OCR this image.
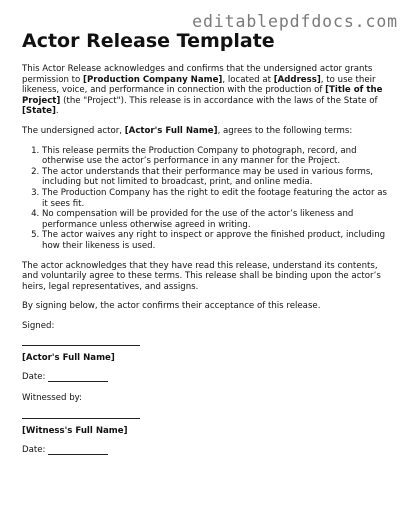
editablepdfdocs.com
Actor Release Template

This Actor Release acknowledges and confirms that the undersigned actor grants permission to [Production Company Name], located at [Address], to use their likeness, voice, and performance in connection with the production of [Title of the Project] (the "Project"). This release is in accordance with the laws of the State of [State].

The undersigned actor, [Actor's Full Name], agrees to the following terms:

1. This release permits the Production Company to photograph, record, and otherwise use the actor’s performance in any manner for the Project.
2. The actor understands that their performance may be used in various forms, including but not limited to broadcast, print, and online media.
3. The Production Company has the right to edit the footage featuring the actor as it sees fit.
4. No compensation will be provided for the use of the actor’s likeness and performance unless otherwise agreed in writing.
5. The actor waives any right to inspect or approve the finished product, including how their likeness is used.

The actor acknowledges that they have read this release, understand its contents, and voluntarily agree to these terms. This release shall be binding upon the actor’s heirs, legal representatives, and assigns.

By signing below, the actor confirms their acceptance of this release.

Signed:

[Actor's Full Name]
Date:

Witnessed by:

[Witness's Full Name]
Date:
